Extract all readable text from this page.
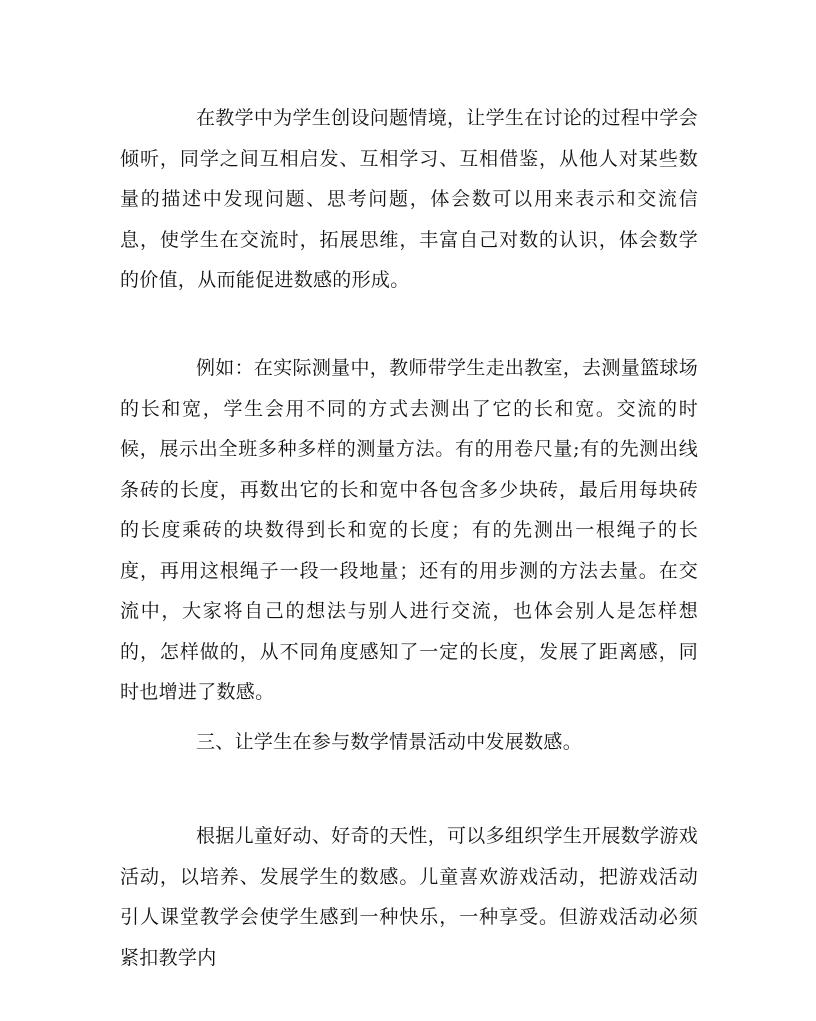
在教学中为学生创设问题情境，让学生在讨论的过程中学会倾听，同学之间互相启发、互相学习、互相借鉴，从他人对某些数量的描述中发现问题、思考问题，体会数可以用来表示和交流信息，使学生在交流时，拓展思维，丰富自己对数的认识，体会数学的价值，从而能促进数感的形成。

例如：在实际测量中，教师带学生走出教室，去测量篮球场的长和宽，学生会用不同的方式去测出了它的长和宽。交流的时候，展示出全班多种多样的测量方法。有的用卷尺量;有的先测出线条砖的长度，再数出它的长和宽中各包含多少块砖，最后用每块砖的长度乘砖的块数得到长和宽的长度；有的先测出一根绳子的长度，再用这根绳子一段一段地量；还有的用步测的方法去量。在交流中，大家将自己的想法与别人进行交流，也体会别人是怎样想的，怎样做的，从不同角度感知了一定的长度，发展了距离感，同时也增进了数感。

三、让学生在参与数学情景活动中发展数感。

根据儿童好动、好奇的天性，可以多组织学生开展数学游戏活动，以培养、发展学生的数感。儿童喜欢游戏活动，把游戏活动引人课堂教学会使学生感到一种快乐，一种享受。但游戏活动必须紧扣教学内
